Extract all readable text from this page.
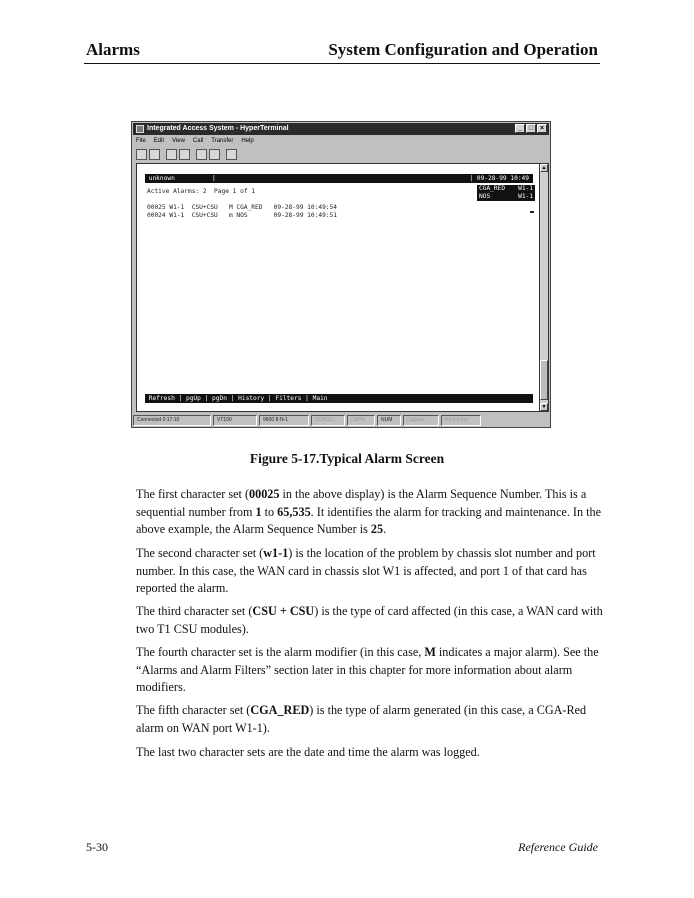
Alarms	System Configuration and Operation
Integrated Access System - HyperTerminal	_ □ ×
File Edit View Call Transfer Help
unknown          |	| 09-28-99 10:49
Active Alarms: 2  Page 1 of 1
00025 W1-1  CSU+CSU   M CGA_RED   09-28-99 10:49:54
00024 W1-1  CSU+CSU   m NOS       09-28-99 10:49:51
CGA_RED	W1-1
NOS	W1-1
Refresh | pgUp | pgDn | History | Filters | Main
▲
▼
Connected 0:17:10	VT100	9600 8-N-1	SCROLL	CAPS	NUM	Capture	Print echo
Figure 5-17.Typical Alarm Screen

The first character set (00025 in the above display) is the Alarm Sequence Number. This is a sequential number from 1 to 65,535. It identifies the alarm for tracking and maintenance. In the above example, the Alarm Sequence Number is 25.

The second character set (w1-1) is the location of the problem by chassis slot number and port number. In this case, the WAN card in chassis slot W1 is affected, and port 1 of that card has reported the alarm.

The third character set (CSU + CSU) is the type of card affected (in this case, a WAN card with two T1 CSU modules).

The fourth character set is the alarm modifier (in this case, M indicates a major alarm). See the “Alarms and Alarm Filters” section later in this chapter for more information about alarm modifiers.

The fifth character set (CGA_RED) is the type of alarm generated (in this case, a CGA-Red alarm on WAN port W1-1).

The last two character sets are the date and time the alarm was logged.

5-30	Reference Guide
